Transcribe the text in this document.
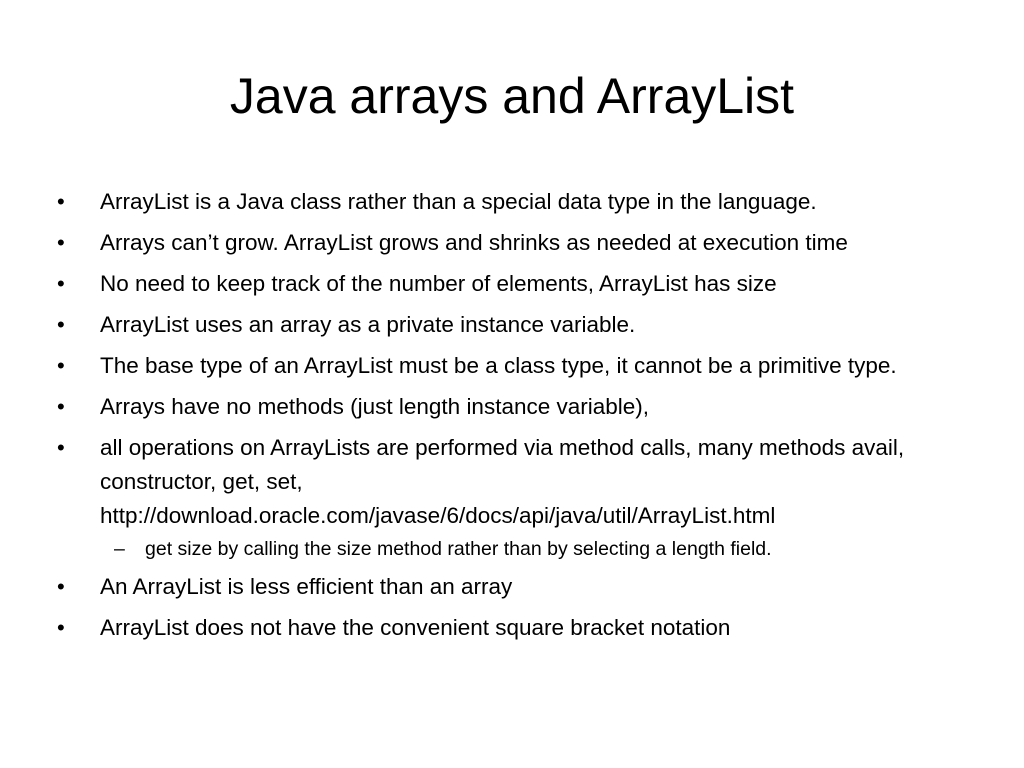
Java arrays and ArrayList
•	ArrayList is a Java class rather than a special data type in the language.
•	Arrays can’t grow. ArrayList grows and shrinks as needed at execution time
•	No need to keep track of the number of elements, ArrayList has size
•	ArrayList uses an array as a private instance variable.
•	The base type of an ArrayList must be a class type, it cannot be a primitive type.
•	Arrays have no methods (just length instance variable),
•	all operations on ArrayLists are performed via method calls, many methods avail, constructor, get, set, http://download.oracle.com/javase/6/docs/api/java/util/ArrayList.html
– get size by calling the size method rather than by selecting a length field.
•	An ArrayList is less efficient than an array
•	ArrayList does not have the convenient square bracket notation
